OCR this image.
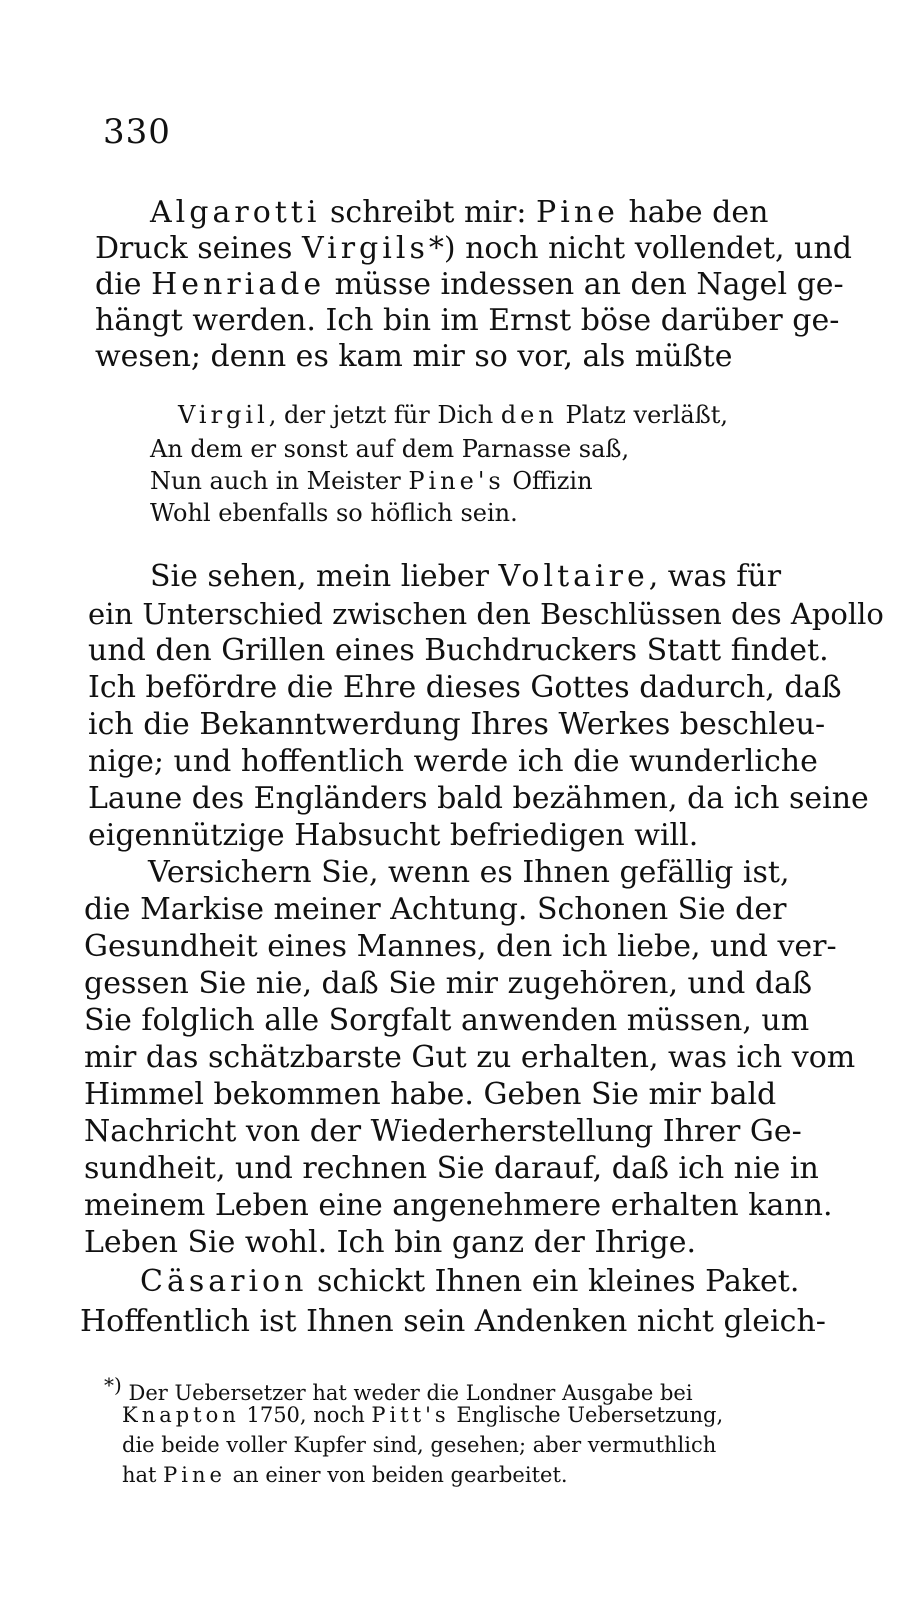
330
Algarotti schreibt mir: Pine habe den
Druck seines Virgils*) noch nicht vollendet, und
die Henriade müsse indessen an den Nagel ge-
hängt werden. Ich bin im Ernst böse darüber ge-
wesen; denn es kam mir so vor, als müßte
Virgil, der jetzt für Dich den Platz verläßt,
An dem er sonst auf dem Parnasse saß,
Nun auch in Meister Pine's Offizin
Wohl ebenfalls so höflich sein.
Sie sehen, mein lieber Voltaire, was für
ein Unterschied zwischen den Beschlüssen des Apollo
und den Grillen eines Buchdruckers Statt findet.
Ich befördre die Ehre dieses Gottes dadurch, daß
ich die Bekanntwerdung Ihres Werkes beschleu-
nige; und hoffentlich werde ich die wunderliche
Laune des Engländers bald bezähmen, da ich seine
eigennützige Habsucht befriedigen will.
Versichern Sie, wenn es Ihnen gefällig ist,
die Markise meiner Achtung. Schonen Sie der
Gesundheit eines Mannes, den ich liebe, und ver-
gessen Sie nie, daß Sie mir zugehören, und daß
Sie folglich alle Sorgfalt anwenden müssen, um
mir das schätzbarste Gut zu erhalten, was ich vom
Himmel bekommen habe. Geben Sie mir bald
Nachricht von der Wiederherstellung Ihrer Ge-
sundheit, und rechnen Sie darauf, daß ich nie in
meinem Leben eine angenehmere erhalten kann.
Leben Sie wohl. Ich bin ganz der Ihrige.
Cäsarion schickt Ihnen ein kleines Paket.
Hoffentlich ist Ihnen sein Andenken nicht gleich-
*) Der Uebersetzer hat weder die Londner Ausgabe bei
Knapton 1750, noch Pitt's Englische Uebersetzung,
die beide voller Kupfer sind, gesehen; aber vermuthlich
hat Pine an einer von beiden gearbeitet.
